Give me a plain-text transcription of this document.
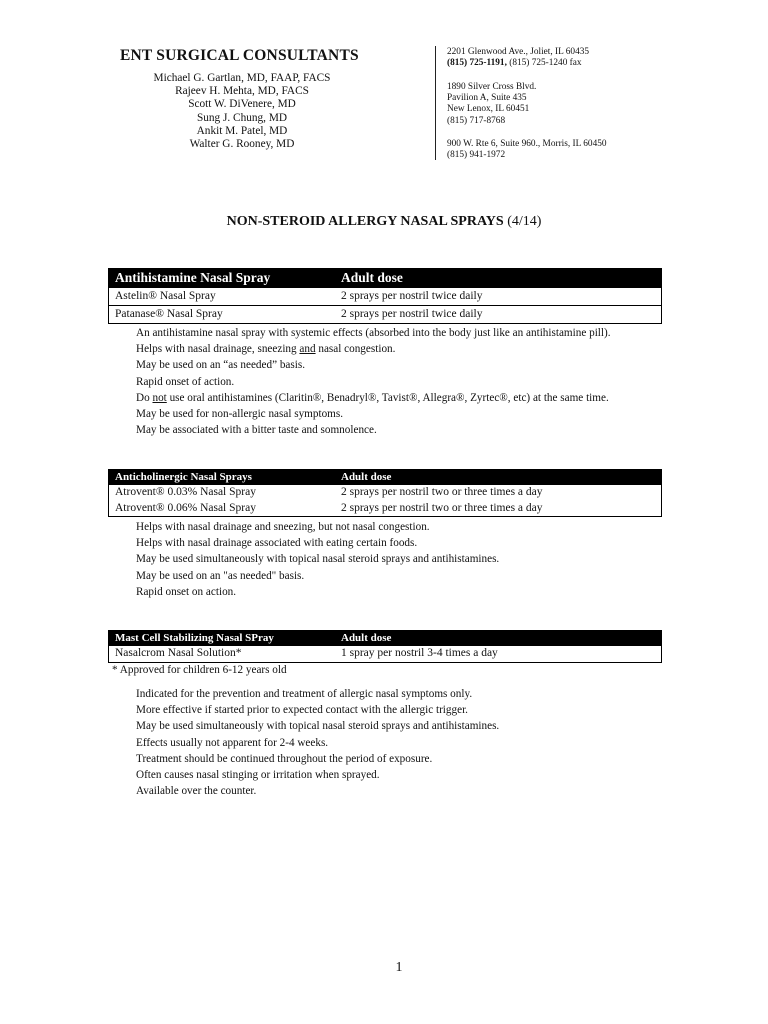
ENT SURGICAL CONSULTANTS
Michael G. Gartlan, MD, FAAP, FACS
Rajeev H. Mehta, MD, FACS
Scott W. DiVenere, MD
Sung J. Chung, MD
Ankit M. Patel, MD
Walter G. Rooney, MD
2201 Glenwood Ave., Joliet, IL 60435
(815) 725-1191, (815) 725-1240 fax
1890 Silver Cross Blvd.
Pavilion A, Suite 435
New Lenox, IL 60451
(815) 717-8768
900 W. Rte 6, Suite 960., Morris, IL 60450
(815) 941-1972
NON-STEROID ALLERGY NASAL SPRAYS (4/14)
Antihistamine Nasal Spray	Adult dose
Astelin® Nasal Spray	2 sprays per nostril twice daily
Patanase® Nasal Spray	2 sprays per nostril twice daily
An antihistamine nasal spray with systemic effects (absorbed into the body just like an antihistamine pill).
Helps with nasal drainage, sneezing and nasal congestion.
May be used on an “as needed” basis.
Rapid onset of action.
Do not use oral antihistamines (Claritin®, Benadryl®, Tavist®, Allegra®, Zyrtec®, etc) at the same time.
May be used for non-allergic nasal symptoms.
May be associated with a bitter taste and somnolence.
Anticholinergic Nasal Sprays	Adult dose
Atrovent® 0.03% Nasal Spray	2 sprays per nostril two or three times a day
Atrovent® 0.06% Nasal Spray	2 sprays per nostril two or three times a day
Helps with nasal drainage and sneezing, but not nasal congestion.
Helps with nasal drainage associated with eating certain foods.
May be used simultaneously with topical nasal steroid sprays and antihistamines.
May be used on an "as needed" basis.
Rapid onset on action.
Mast Cell Stabilizing Nasal SPray	Adult dose
Nasalcrom Nasal Solution*	1 spray per nostril 3-4 times a day
* Approved for children 6-12 years old
Indicated for the prevention and treatment of allergic nasal symptoms only.
More effective if started prior to expected contact with the allergic trigger.
May be used simultaneously with topical nasal steroid sprays and antihistamines.
Effects usually not apparent for 2-4 weeks.
Treatment should be continued throughout the period of exposure.
Often causes nasal stinging or irritation when sprayed.
Available over the counter.
1
